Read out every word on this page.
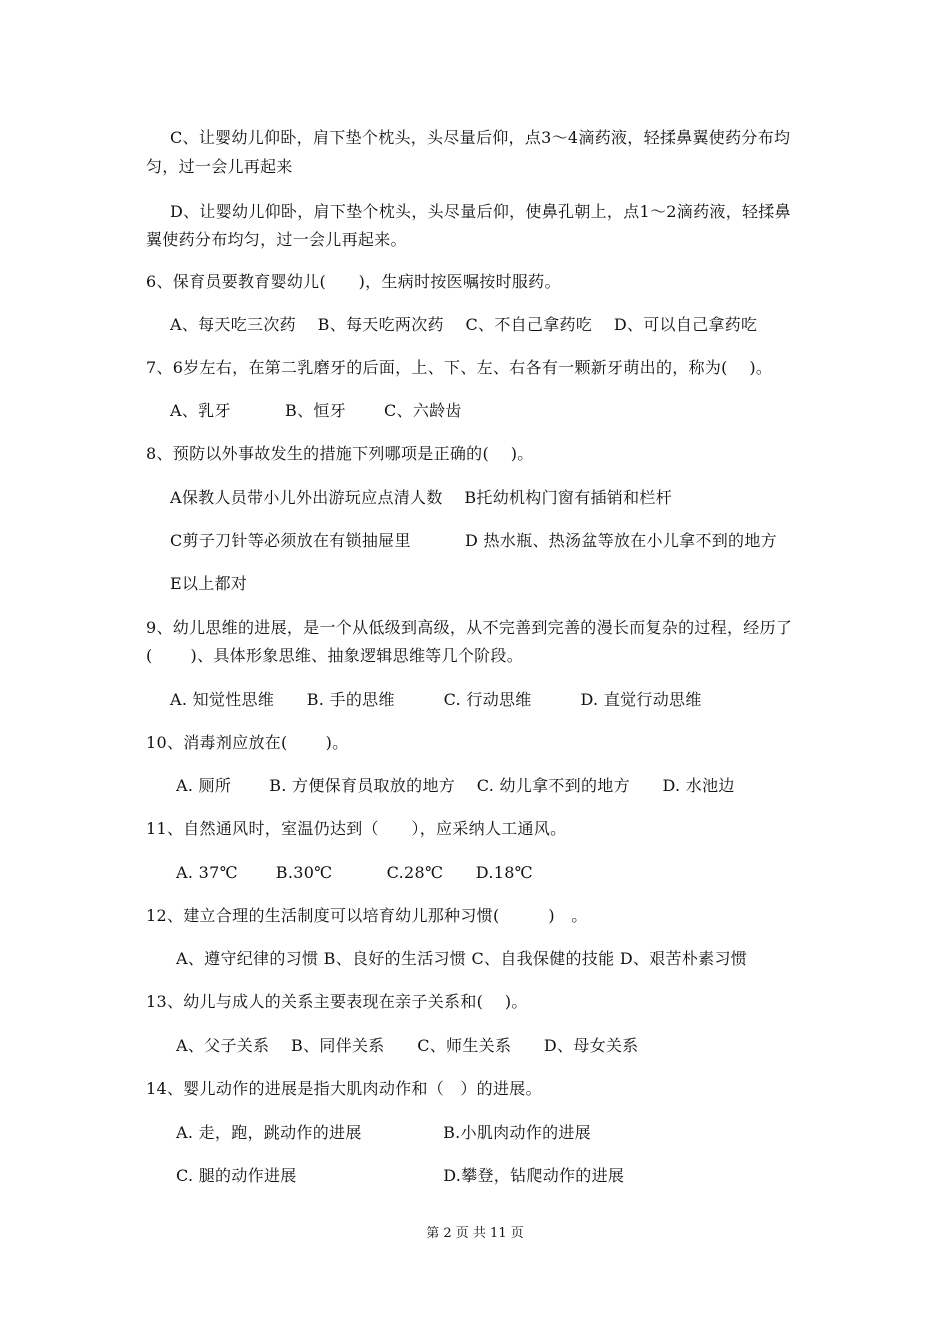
C、让婴幼儿仰卧，肩下垫个枕头，头尽量后仰，点3～4滴药液，轻揉鼻翼使药分布均
匀，过一会儿再起来
D、让婴幼儿仰卧，肩下垫个枕头，头尽量后仰，使鼻孔朝上，点1～2滴药液，轻揉鼻
翼使药分布均匀，过一会儿再起来。
6、保育员要教育婴幼儿(　　)，生病时按医嘱按时服药。
A、每天吃三次药　 B、每天吃两次药　 C、不自己拿药吃　 D、可以自己拿药吃
7、6岁左右，在第二乳磨牙的后面，上、下、左、右各有一颗新牙萌出的，称为(　 )。
A、乳牙　　　 B、恒牙　　 C、六龄齿
8、预防以外事故发生的措施下列哪项是正确的(　 )。
A保教人员带小儿外出游玩应点清人数　 B托幼机构门窗有插销和栏杆
C剪子刀针等必须放在有锁抽屉里　　　 D 热水瓶、热汤盆等放在小儿拿不到的地方
E以上都对
9、幼儿思维的进展，是一个从低级到高级，从不完善到完善的漫长而复杂的过程，经历了
(　　 )、具体形象思维、抽象逻辑思维等几个阶段。
A. 知觉性思维　　B. 手的思维　　　C. 行动思维　　　D. 直觉行动思维
10、消毒剂应放在(　　 )。
A. 厕所　　 B. 方便保育员取放的地方　 C. 幼儿拿不到的地方　　D. 水池边
11、自然通风时，室温仍达到（　　），应采纳人工通风。
A. 37℃　　 B.30℃　　　 C.28℃　　D.18℃
12、建立合理的生活制度可以培育幼儿那种习惯(　　　)　。
A、遵守纪律的习惯 B、良好的生活习惯 C、自我保健的技能 D、艰苦朴素习惯
13、幼儿与成人的关系主要表现在亲子关系和(　 )。
A、父子关系　 B、同伴关系　　C、师生关系　　D、母女关系
14、婴儿动作的进展是指大肌肉动作和（　）的进展。
A. 走，跑，跳动作的进展　　　　　B.小肌肉动作的进展
C. 腿的动作进展　　　　　　　　　D.攀登，钻爬动作的进展
第 2 页 共 11 页
